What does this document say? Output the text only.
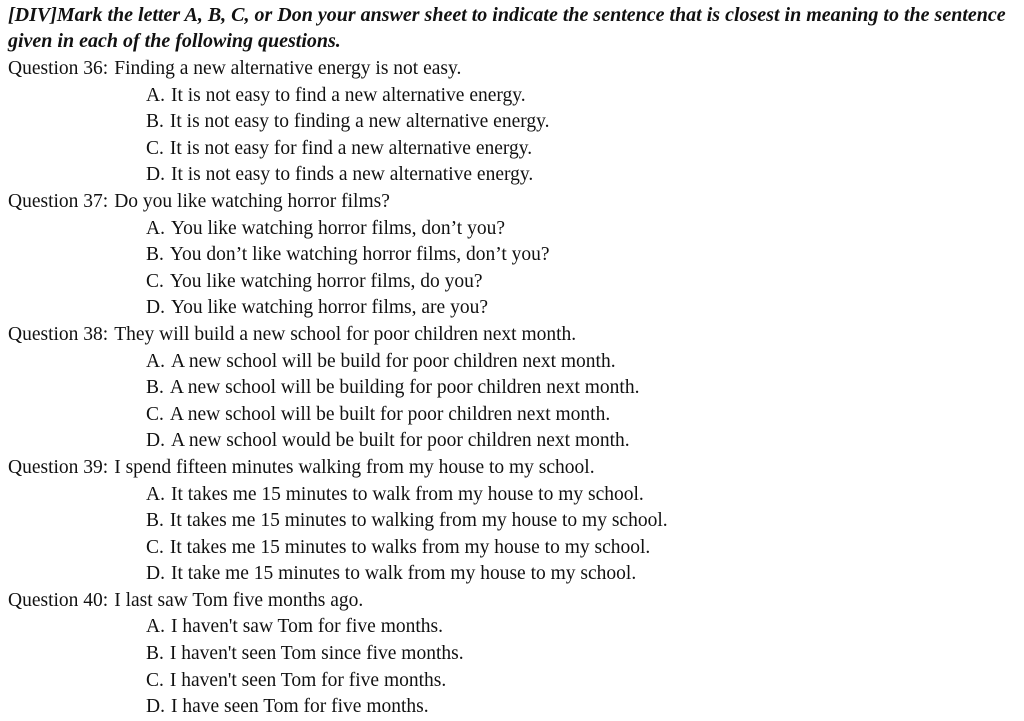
[DIV]Mark the letter A, B, C, or Don your answer sheet to indicate the sentence that is closest in meaning to the sentence given in each of the following questions.

Question 36: Finding a new alternative energy is not easy.

A. It is not easy to find a new alternative energy.

B. It is not easy to finding a new alternative energy.

C. It is not easy for find a new alternative energy.

D. It is not easy to finds a new alternative energy.

Question 37: Do you like watching horror films?

A. You like watching horror films, don’t you?

B. You don’t like watching horror films, don’t you?

C. You like watching horror films, do you?

D. You like watching horror films, are you?

Question 38: They will build a new school for poor children next month.

A. A new school will be build for poor children next month.

B. A new school will be building for poor children next month.

C. A new school will be built for poor children next month.

D. A new school would be built for poor children next month.

Question 39: I spend fifteen minutes walking from my house to my school.

A. It takes me 15 minutes to walk from my house to my school.

B. It takes me 15 minutes to walking from my house to my school.

C. It takes me 15 minutes to walks from my house to my school.

D. It take me 15 minutes to walk from my house to my school.

Question 40: I last saw Tom five months ago.

A. I haven't saw Tom for five months.

B. I haven't seen Tom since five months.

C. I haven't seen Tom for five months.

D. I have seen Tom for five months.
